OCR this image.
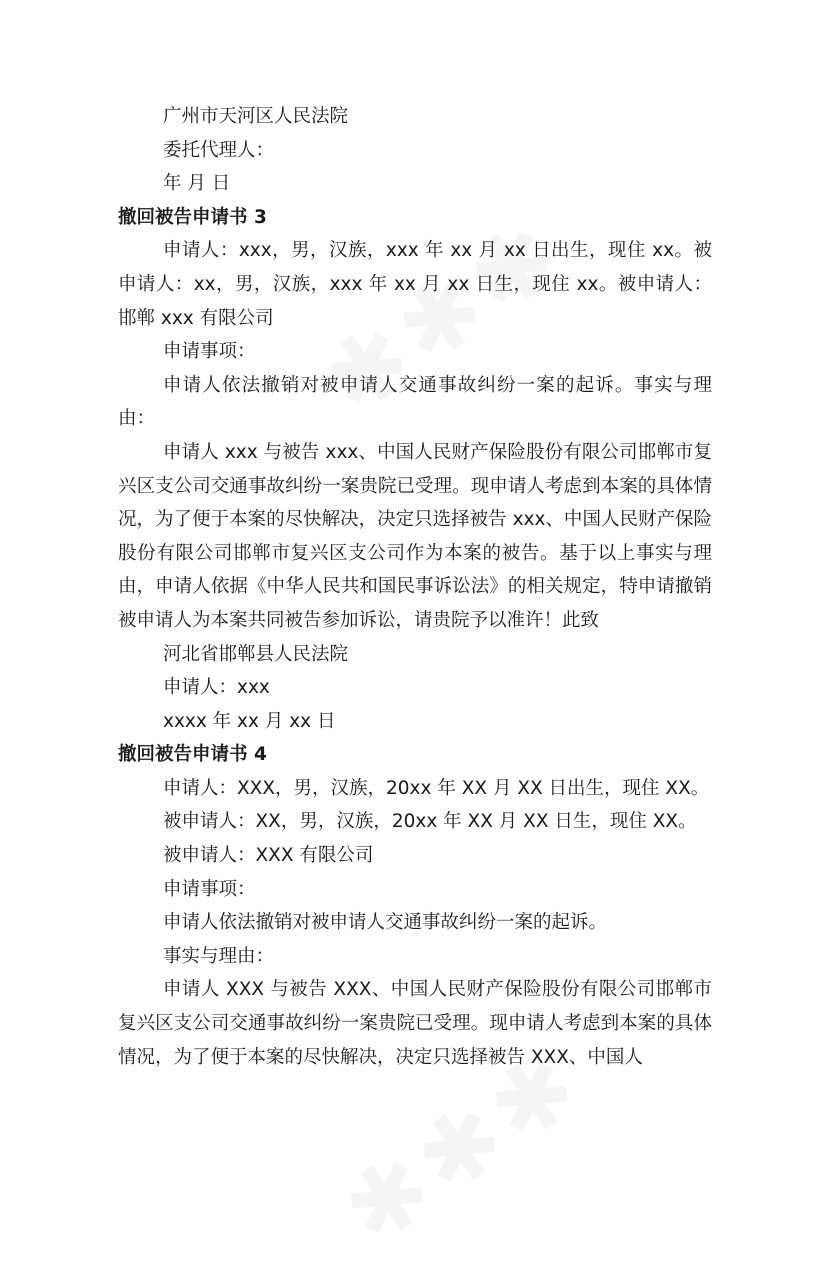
广州市天河区人民法院
委托代理人：
年 月 日
撤回被告申请书 3
申请人：xxx，男，汉族，xxx 年 xx 月 xx 日出生，现住 xx。被申请人：xx，男，汉族，xxx 年 xx 月 xx 日生，现住 xx。被申请人：邯郸 xxx 有限公司
申请事项：
申请人依法撤销对被申请人交通事故纠纷一案的起诉。事实与理由：
申请人 xxx 与被告 xxx、中国人民财产保险股份有限公司邯郸市复兴区支公司交通事故纠纷一案贵院已受理。现申请人考虑到本案的具体情况，为了便于本案的尽快解决，决定只选择被告 xxx、中国人民财产保险股份有限公司邯郸市复兴区支公司作为本案的被告。基于以上事实与理由，申请人依据《中华人民共和国民事诉讼法》的相关规定，特申请撤销被申请人为本案共同被告参加诉讼，请贵院予以准许！此致
河北省邯郸县人民法院
申请人：xxx
xxxx 年 xx 月 xx 日
撤回被告申请书 4
申请人：XXX，男，汉族，20xx 年 XX 月 XX 日出生，现住 XX。
被申请人：XX，男，汉族，20xx 年 XX 月 XX 日生，现住 XX。
被申请人：XXX 有限公司
申请事项：
申请人依法撤销对被申请人交通事故纠纷一案的起诉。
事实与理由：
申请人 XXX 与被告 XXX、中国人民财产保险股份有限公司邯郸市复兴区支公司交通事故纠纷一案贵院已受理。现申请人考虑到本案的具体情况，为了便于本案的尽快解决，决定只选择被告 XXX、中国人
